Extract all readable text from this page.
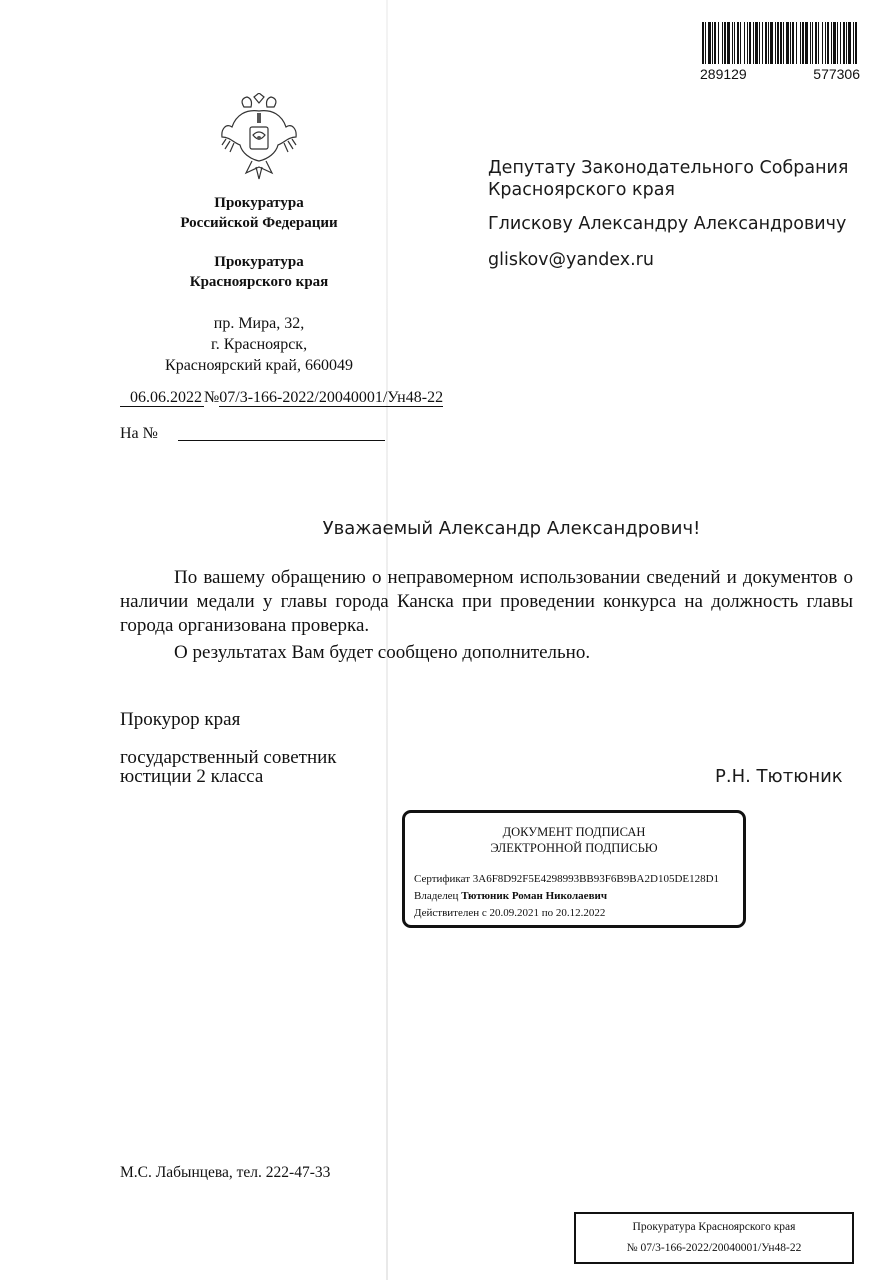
289129	577306
Прокуратура
Российской Федерации
Прокуратура
Красноярского края
пр. Мира, 32,
г. Красноярск,
Красноярский край, 660049
06.06.2022 №07/3-166-2022/20040001/Ун48-22
На №
Депутату Законодательного Собрания
Красноярского края
Глискову Александру Александровичу
gliskov@yandex.ru
Уважаемый Александр Александрович!
По вашему обращению о неправомерном использовании сведений и документов о наличии медали у главы города Канска при проведении конкурса на должность главы города организована проверка.
О результатах Вам будет сообщено дополнительно.
Прокурор края
государственный советник
юстиции 2 класса	Р.Н. Тютюник
ДОКУМЕНТ ПОДПИСАН
ЭЛЕКТРОННОЙ ПОДПИСЬЮ
Сертификат 3A6F8D92F5E4298993BB93F6B9BA2D105DE128D1
Владелец Тютюник Роман Николаевич
Действителен с 20.09.2021 по 20.12.2022
М.С. Лабынцева, тел. 222-47-33
Прокуратура Красноярского края
№ 07/3-166-2022/20040001/Ун48-22
